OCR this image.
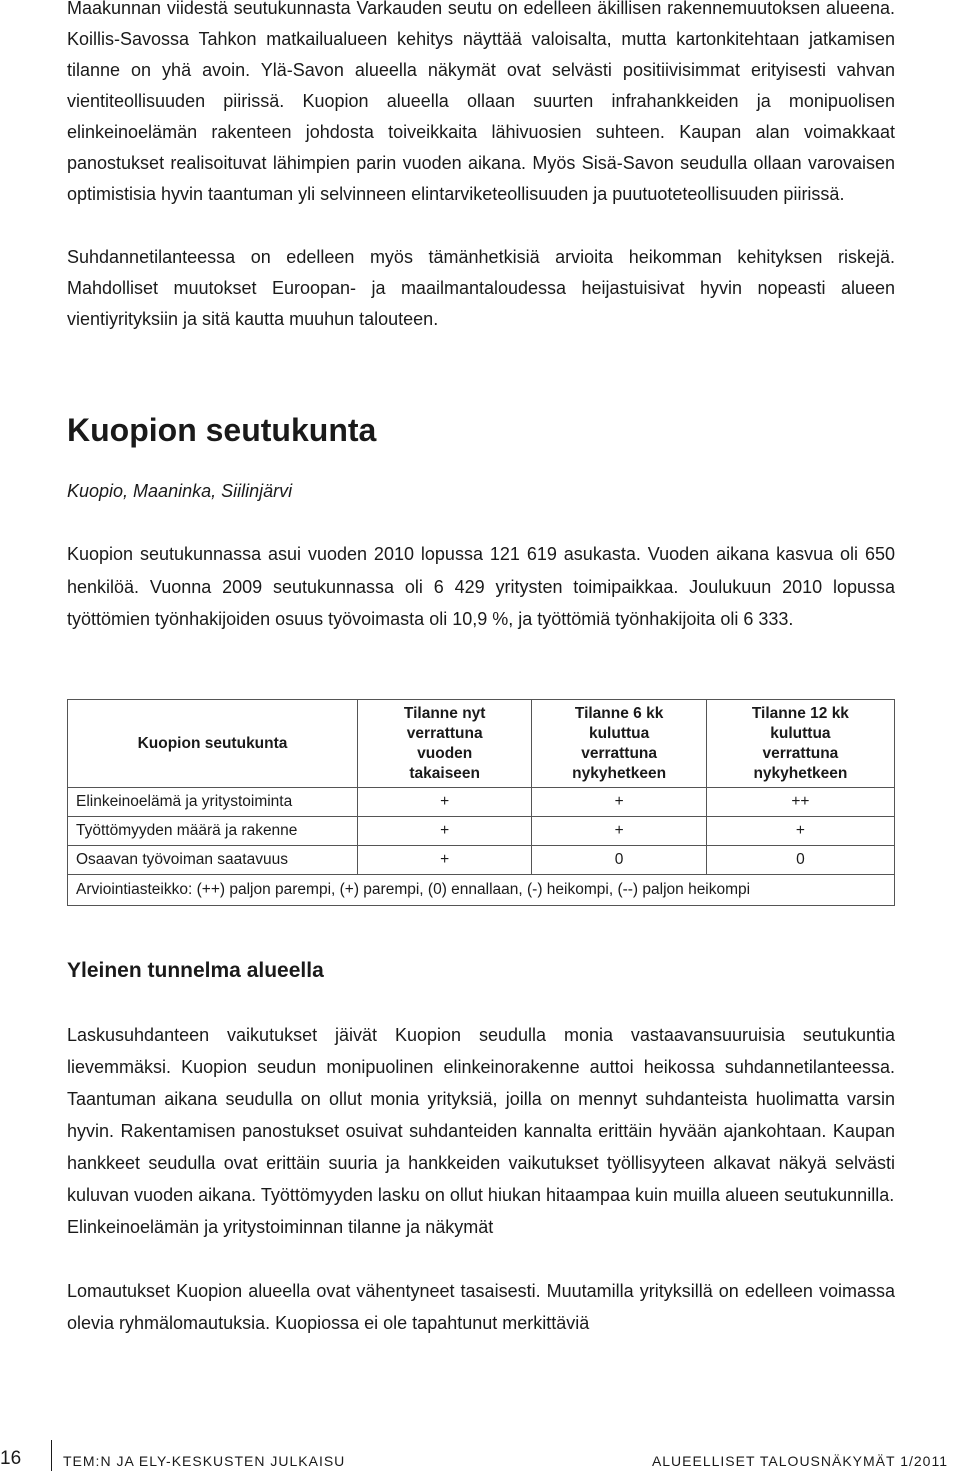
Maakunnan viidestä seutukunnasta Varkauden seutu on edelleen äkillisen rakennemuutoksen alueena. Koillis-Savossa Tahkon matkailualueen kehitys näyttää valoisalta, mutta kartonkitehtaan jatkamisen tilanne on yhä avoin. Ylä-Savon alueella näkymät ovat selvästi positiivisimmat erityisesti vahvan vientiteollisuuden piirissä. Kuopion alueella ollaan suurten infrahankkeiden ja monipuolisen elinkeinoelämän rakenteen johdosta toiveikkaita lähivuosien suhteen. Kaupan alan voimakkaat panostukset realisoituvat lähimpien parin vuoden aikana. Myös Sisä-Savon seudulla ollaan varovaisen optimistisia hyvin taantuman yli selvinneen elintarviketeollisuuden ja puutuoteteollisuuden piirissä.

Suhdannetilanteessa on edelleen myös tämänhetkisiä arvioita heikomman kehityksen riskejä. Mahdolliset muutokset Euroopan- ja maailmantaloudessa heijastuisivat hyvin nopeasti alueen vientiyrityksiin ja sitä kautta muuhun talouteen.

Kuopion seutukunta

Kuopio, Maaninka, Siilinjärvi

Kuopion seutukunnassa asui vuoden 2010 lopussa 121 619 asukasta. Vuoden aikana kasvua oli 650 henkilöä. Vuonna 2009 seutukunnassa oli 6 429 yritysten toimipaikkaa. Joulukuun 2010 lopussa työttömien työnhakijoiden osuus työvoimasta oli 10,9 %, ja työttömiä työnhakijoita oli 6 333.

Kuopion seutukunta	Tilanne nyt verrattuna vuoden takaiseen	Tilanne 6 kk kuluttua verrattuna nykyhetkeen	Tilanne 12 kk kuluttua verrattuna nykyhetkeen

Elinkeinoelämä ja yritystoiminta	+	+	++
Työttömyyden määrä ja rakenne	+	+	+
Osaavan työvoiman saatavuus	+	0	0
Arviointiasteikko: (++) paljon parempi, (+) parempi, (0) ennallaan, (-) heikompi, (--) paljon heikompi			
Yleinen tunnelma alueella

Laskusuhdanteen vaikutukset jäivät Kuopion seudulla monia vastaavansuuruisia seutukuntia lievemmäksi. Kuopion seudun monipuolinen elinkeinorakenne auttoi heikossa suhdannetilanteessa. Taantuman aikana seudulla on ollut monia yrityksiä, joilla on mennyt suhdanteista huolimatta varsin hyvin. Rakentamisen panostukset osuivat suhdanteiden kannalta erittäin hyvään ajankohtaan. Kaupan hankkeet seudulla ovat erittäin suuria ja hankkeiden vaikutukset työllisyyteen alkavat näkyä selvästi kuluvan vuoden aikana. Työttömyyden lasku on ollut hiukan hitaampaa kuin muilla alueen seutukunnilla.

Elinkeinoelämän ja yritystoiminnan tilanne ja näkymät

Lomautukset Kuopion alueella ovat vähentyneet tasaisesti. Muutamilla yrityksillä on edelleen voimassa olevia ryhmälomautuksia. Kuopiossa ei ole tapahtunut merkittäviä

16	TEM:N JA ELY-KESKUSTEN JULKAISU	ALUEELLISET TALOUSNÄKYMÄT 1/2011
